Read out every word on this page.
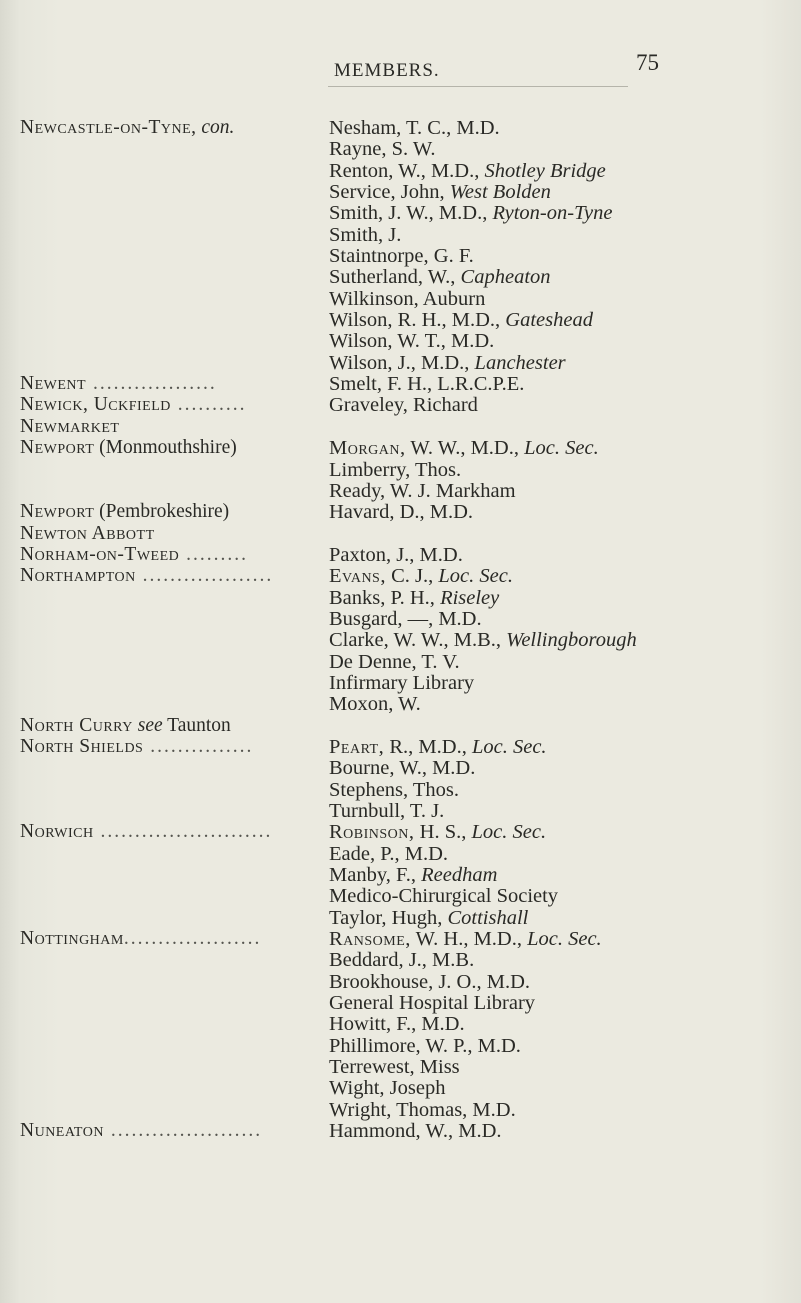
MEMBERS.	75
Newcastle-on-Tyne, con.	Nesham, T. C., M.D.
Rayne, S. W.
Renton, W., M.D., Shotley Bridge
Service, John, West Bolden
Smith, J. W., M.D., Ryton-on-Tyne
Smith, J.
Staintnorpe, G. F.
Sutherland, W., Capheaton
Wilkinson, Auburn
Wilson, R. H., M.D., Gateshead
Wilson, W. T., M.D.
Wilson, J., M.D., Lanchester
Newent ..................	Smelt, F. H., L.R.C.P.E.
Newick, Uckfield ..........	Graveley, Richard
Newmarket
Newport (Monmouthshire)	Morgan, W. W., M.D., Loc. Sec.
Limberry, Thos.
Ready, W. J. Markham
Newport (Pembrokeshire)	Havard, D., M.D.
Newton Abbott
Norham-on-Tweed .........	Paxton, J., M.D.
Northampton ...................	Evans, C. J., Loc. Sec.
Banks, P. H., Riseley
Busgard, —, M.D.
Clarke, W. W., M.B., Wellingborough
De Denne, T. V.
Infirmary Library
Moxon, W.
North Curry see Taunton
North Shields ...............	Peart, R., M.D., Loc. Sec.
Bourne, W., M.D.
Stephens, Thos.
Turnbull, T. J.
Norwich .........................	Robinson, H. S., Loc. Sec.
Eade, P., M.D.
Manby, F., Reedham
Medico-Chirurgical Society
Taylor, Hugh, Cottishall
Nottingham....................	Ransome, W. H., M.D., Loc. Sec.
Beddard, J., M.B.
Brookhouse, J. O., M.D.
General Hospital Library
Howitt, F., M.D.
Phillimore, W. P., M.D.
Terrewest, Miss
Wight, Joseph
Wright, Thomas, M.D.
Nuneaton ......................	Hammond, W., M.D.
